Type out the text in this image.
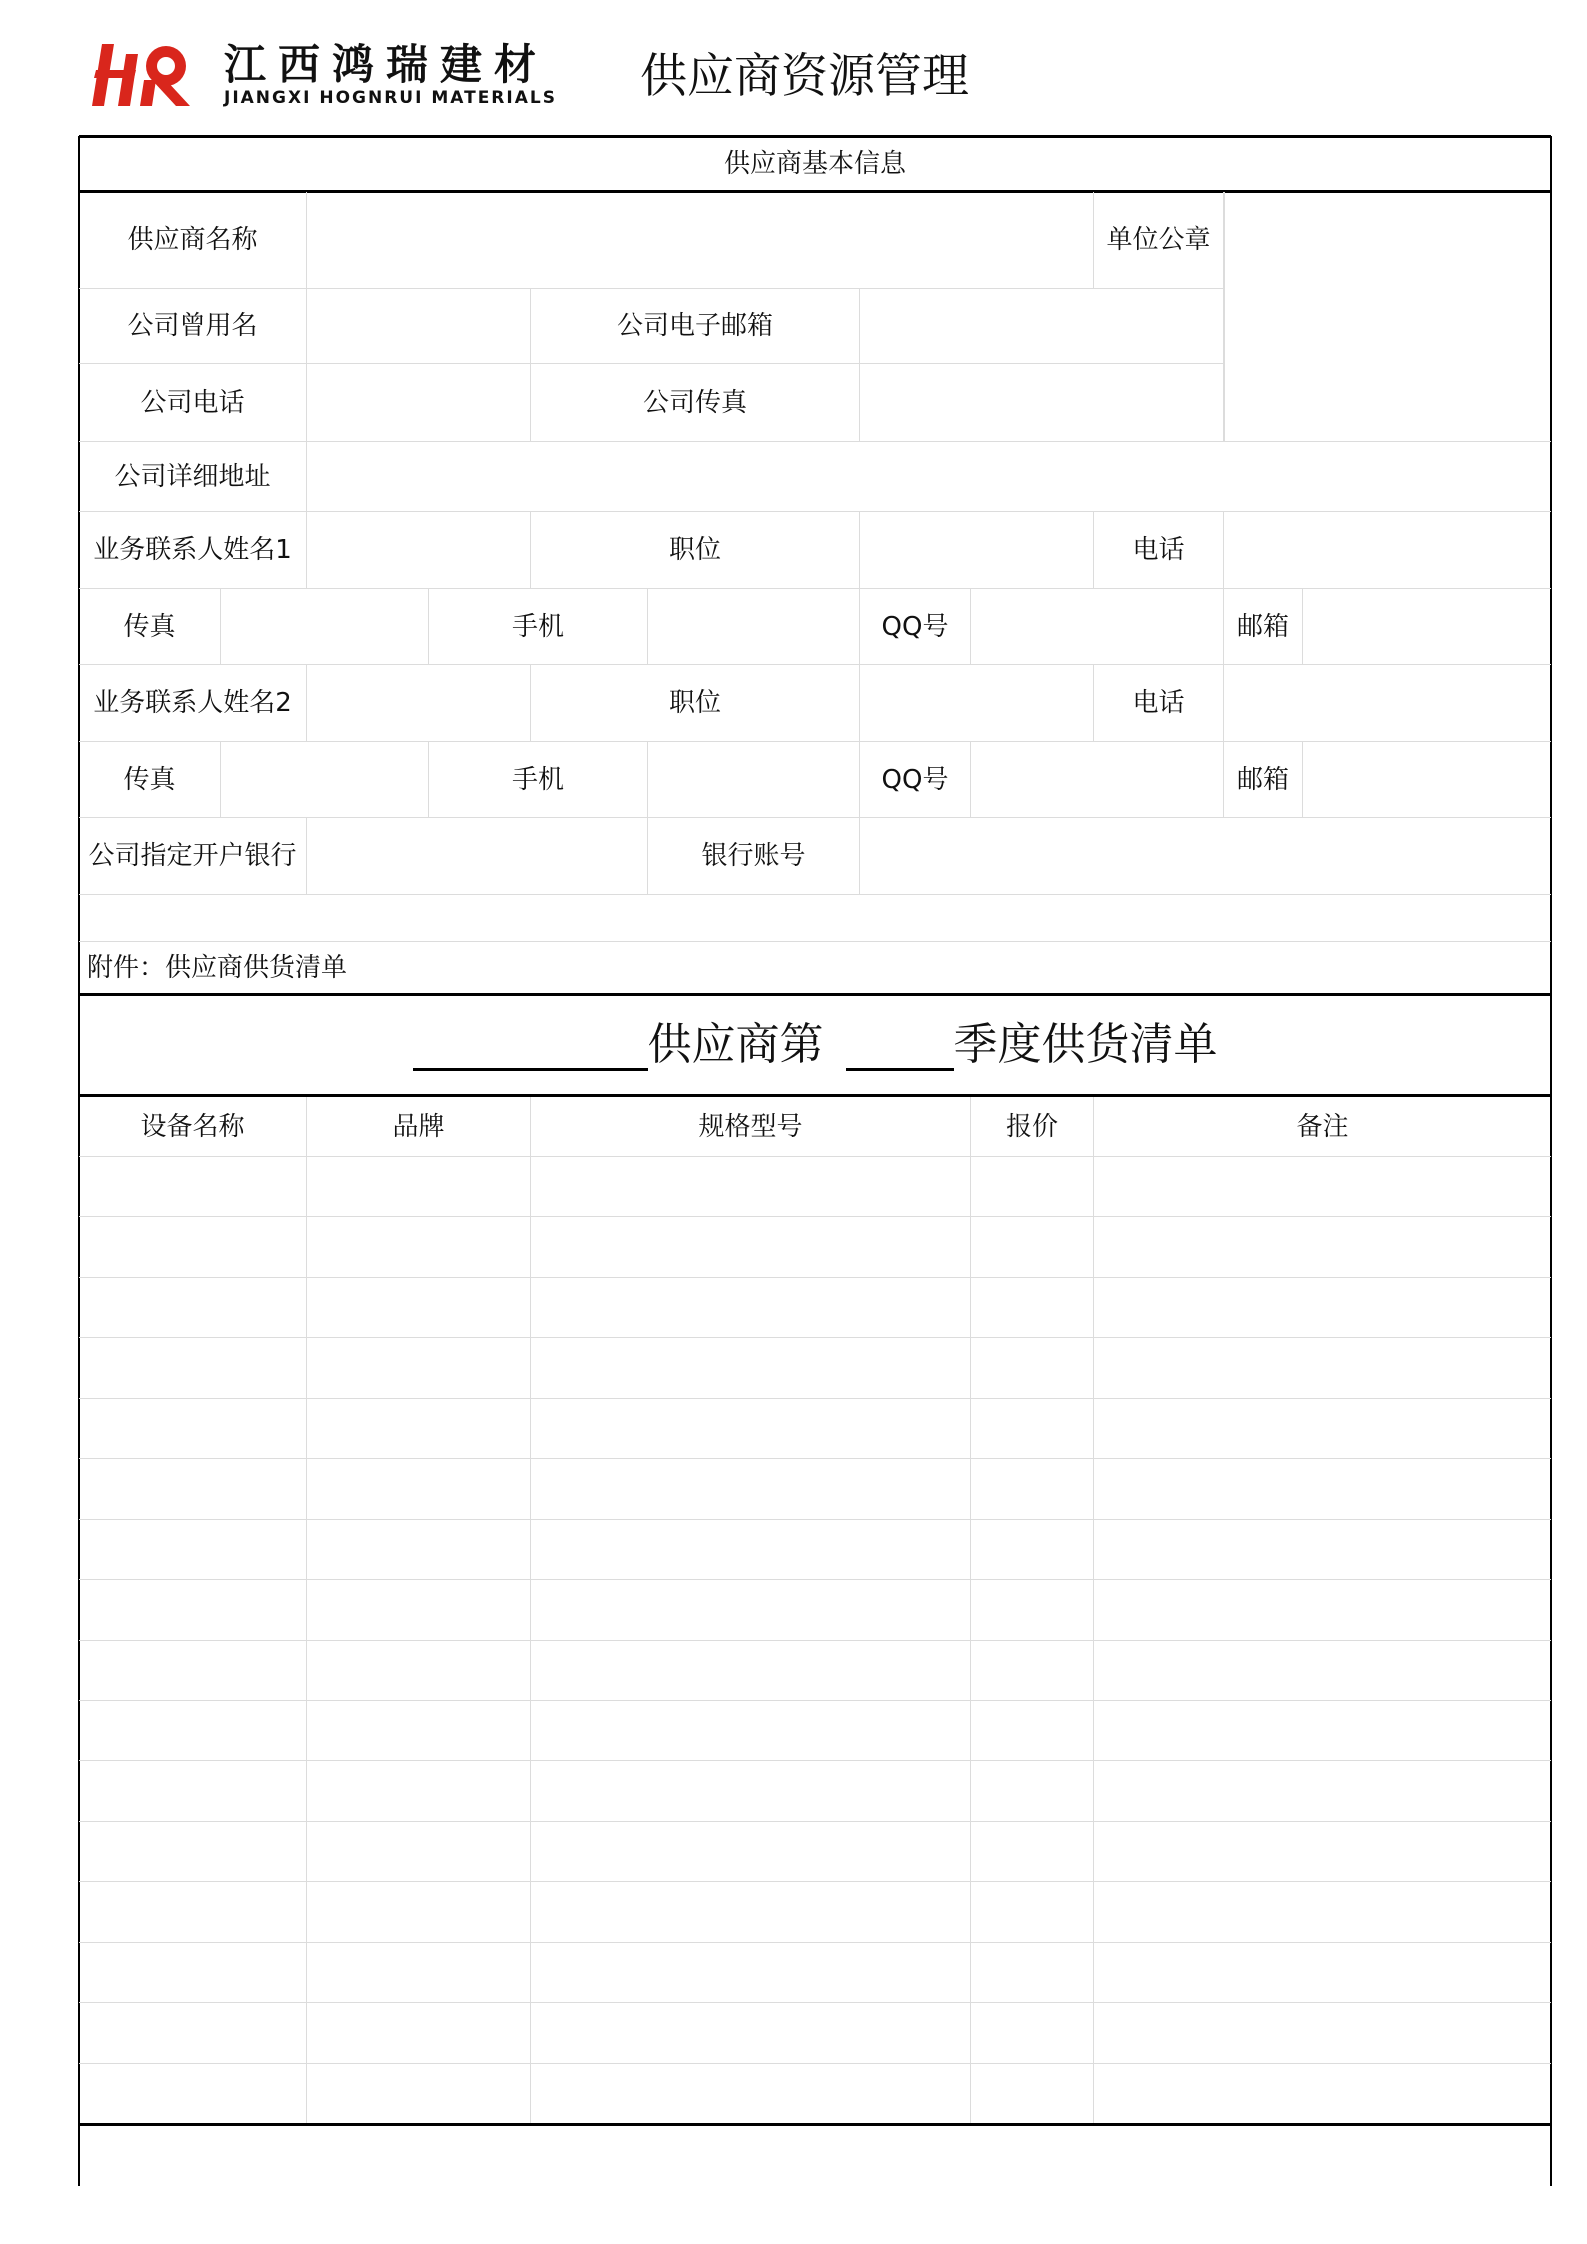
江西鸿瑞建材
JIANGXI HOGNRUI MATERIALS 供应商资源管理
供应商基本信息
供应商名称	单位公章
公司曾用名	公司电子邮箱
公司电话	公司传真
公司详细地址
业务联系人姓名1	职位	电话
传真	手机	QQ号	邮箱
业务联系人姓名2	职位	电话
传真	手机	QQ号	邮箱
公司指定开户银行	银行账号
附件：供应商供货清单
供应商第	季度供货清单
设备名称	品牌	规格型号	报价	备注
